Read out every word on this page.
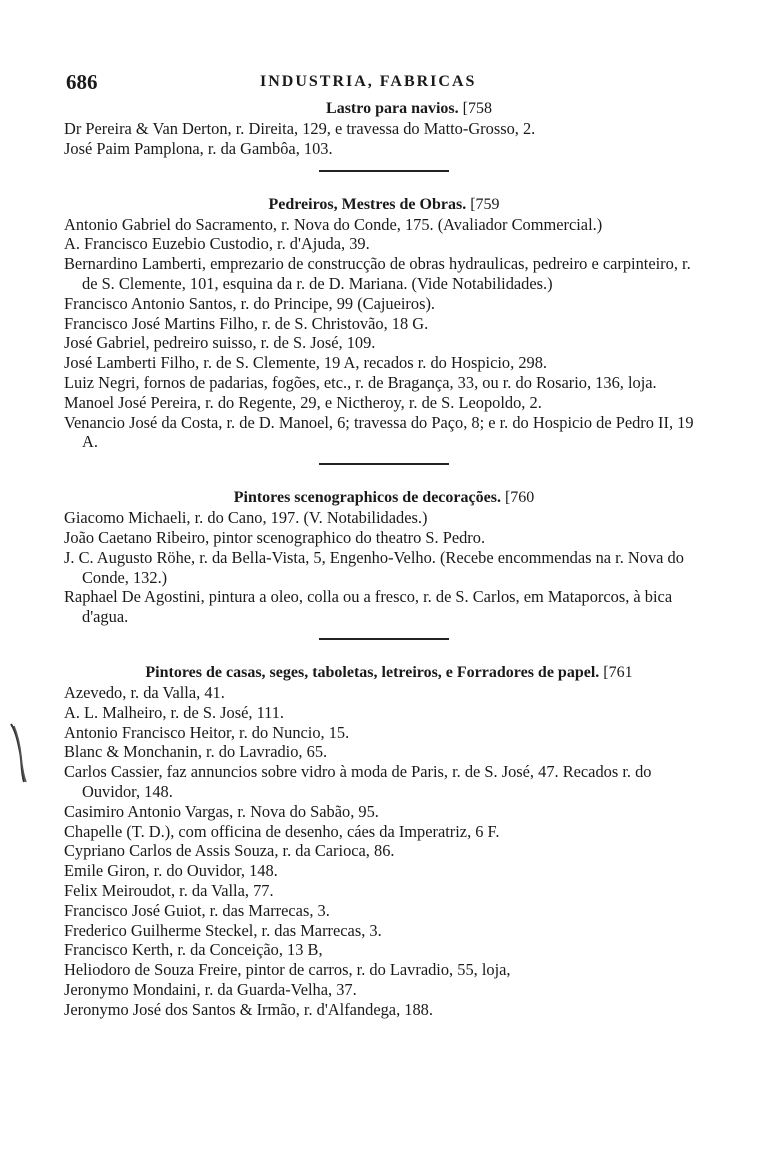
686	INDUSTRIA, FABRICAS
Lastro para navios. [758

Dr Pereira & Van Derton, r. Direita, 129, e travessa do Matto-Grosso, 2.

José Paim Pamplona, r. da Gambôa, 103.

Pedreiros, Mestres de Obras. [759

Antonio Gabriel do Sacramento, r. Nova do Conde, 175. (Avaliador Commercial.)

A. Francisco Euzebio Custodio, r. d'Ajuda, 39.

Bernardino Lamberti, emprezario de construcção de obras hydraulicas, pedreiro e carpinteiro, r. de S. Clemente, 101, esquina da r. de D. Mariana. (Vide Notabilidades.)

Francisco Antonio Santos, r. do Principe, 99 (Cajueiros).

Francisco José Martins Filho, r. de S. Christovão, 18 G.

José Gabriel, pedreiro suisso, r. de S. José, 109.

José Lamberti Filho, r. de S. Clemente, 19 A, recados r. do Hospicio, 298.

Luiz Negri, fornos de padarias, fogões, etc., r. de Bragança, 33, ou r. do Rosario, 136, loja.

Manoel José Pereira, r. do Regente, 29, e Nictheroy, r. de S. Leopoldo, 2.

Venancio José da Costa, r. de D. Manoel, 6; travessa do Paço, 8; e r. do Hospicio de Pedro II, 19 A.

Pintores scenographicos de decorações. [760

Giacomo Michaeli, r. do Cano, 197. (V. Notabilidades.)

João Caetano Ribeiro, pintor scenographico do theatro S. Pedro.

J. C. Augusto Röhe, r. da Bella-Vista, 5, Engenho-Velho. (Recebe encommendas na r. Nova do Conde, 132.)

Raphael De Agostini, pintura a oleo, colla ou a fresco, r. de S. Carlos, em Mataporcos, à bica d'agua.

Pintores de casas, seges, taboletas, letreiros, e Forradores de papel. [761

Azevedo, r. da Valla, 41.

A. L. Malheiro, r. de S. José, 111.

Antonio Francisco Heitor, r. do Nuncio, 15.

Blanc & Monchanin, r. do Lavradio, 65.

Carlos Cassier, faz annuncios sobre vidro à moda de Paris, r. de S. José, 47. Recados r. do Ouvidor, 148.

Casimiro Antonio Vargas, r. Nova do Sabão, 95.

Chapelle (T. D.), com officina de desenho, cáes da Imperatriz, 6 F.

Cypriano Carlos de Assis Souza, r. da Carioca, 86.

Emile Giron, r. do Ouvidor, 148.

Felix Meiroudot, r. da Valla, 77.

Francisco José Guiot, r. das Marrecas, 3.

Frederico Guilherme Steckel, r. das Marrecas, 3.

Francisco Kerth, r. da Conceição, 13 B,

Heliodoro de Souza Freire, pintor de carros, r. do Lavradio, 55, loja,

Jeronymo Mondaini, r. da Guarda-Velha, 37.

Jeronymo José dos Santos & Irmão, r. d'Alfandega, 188.
